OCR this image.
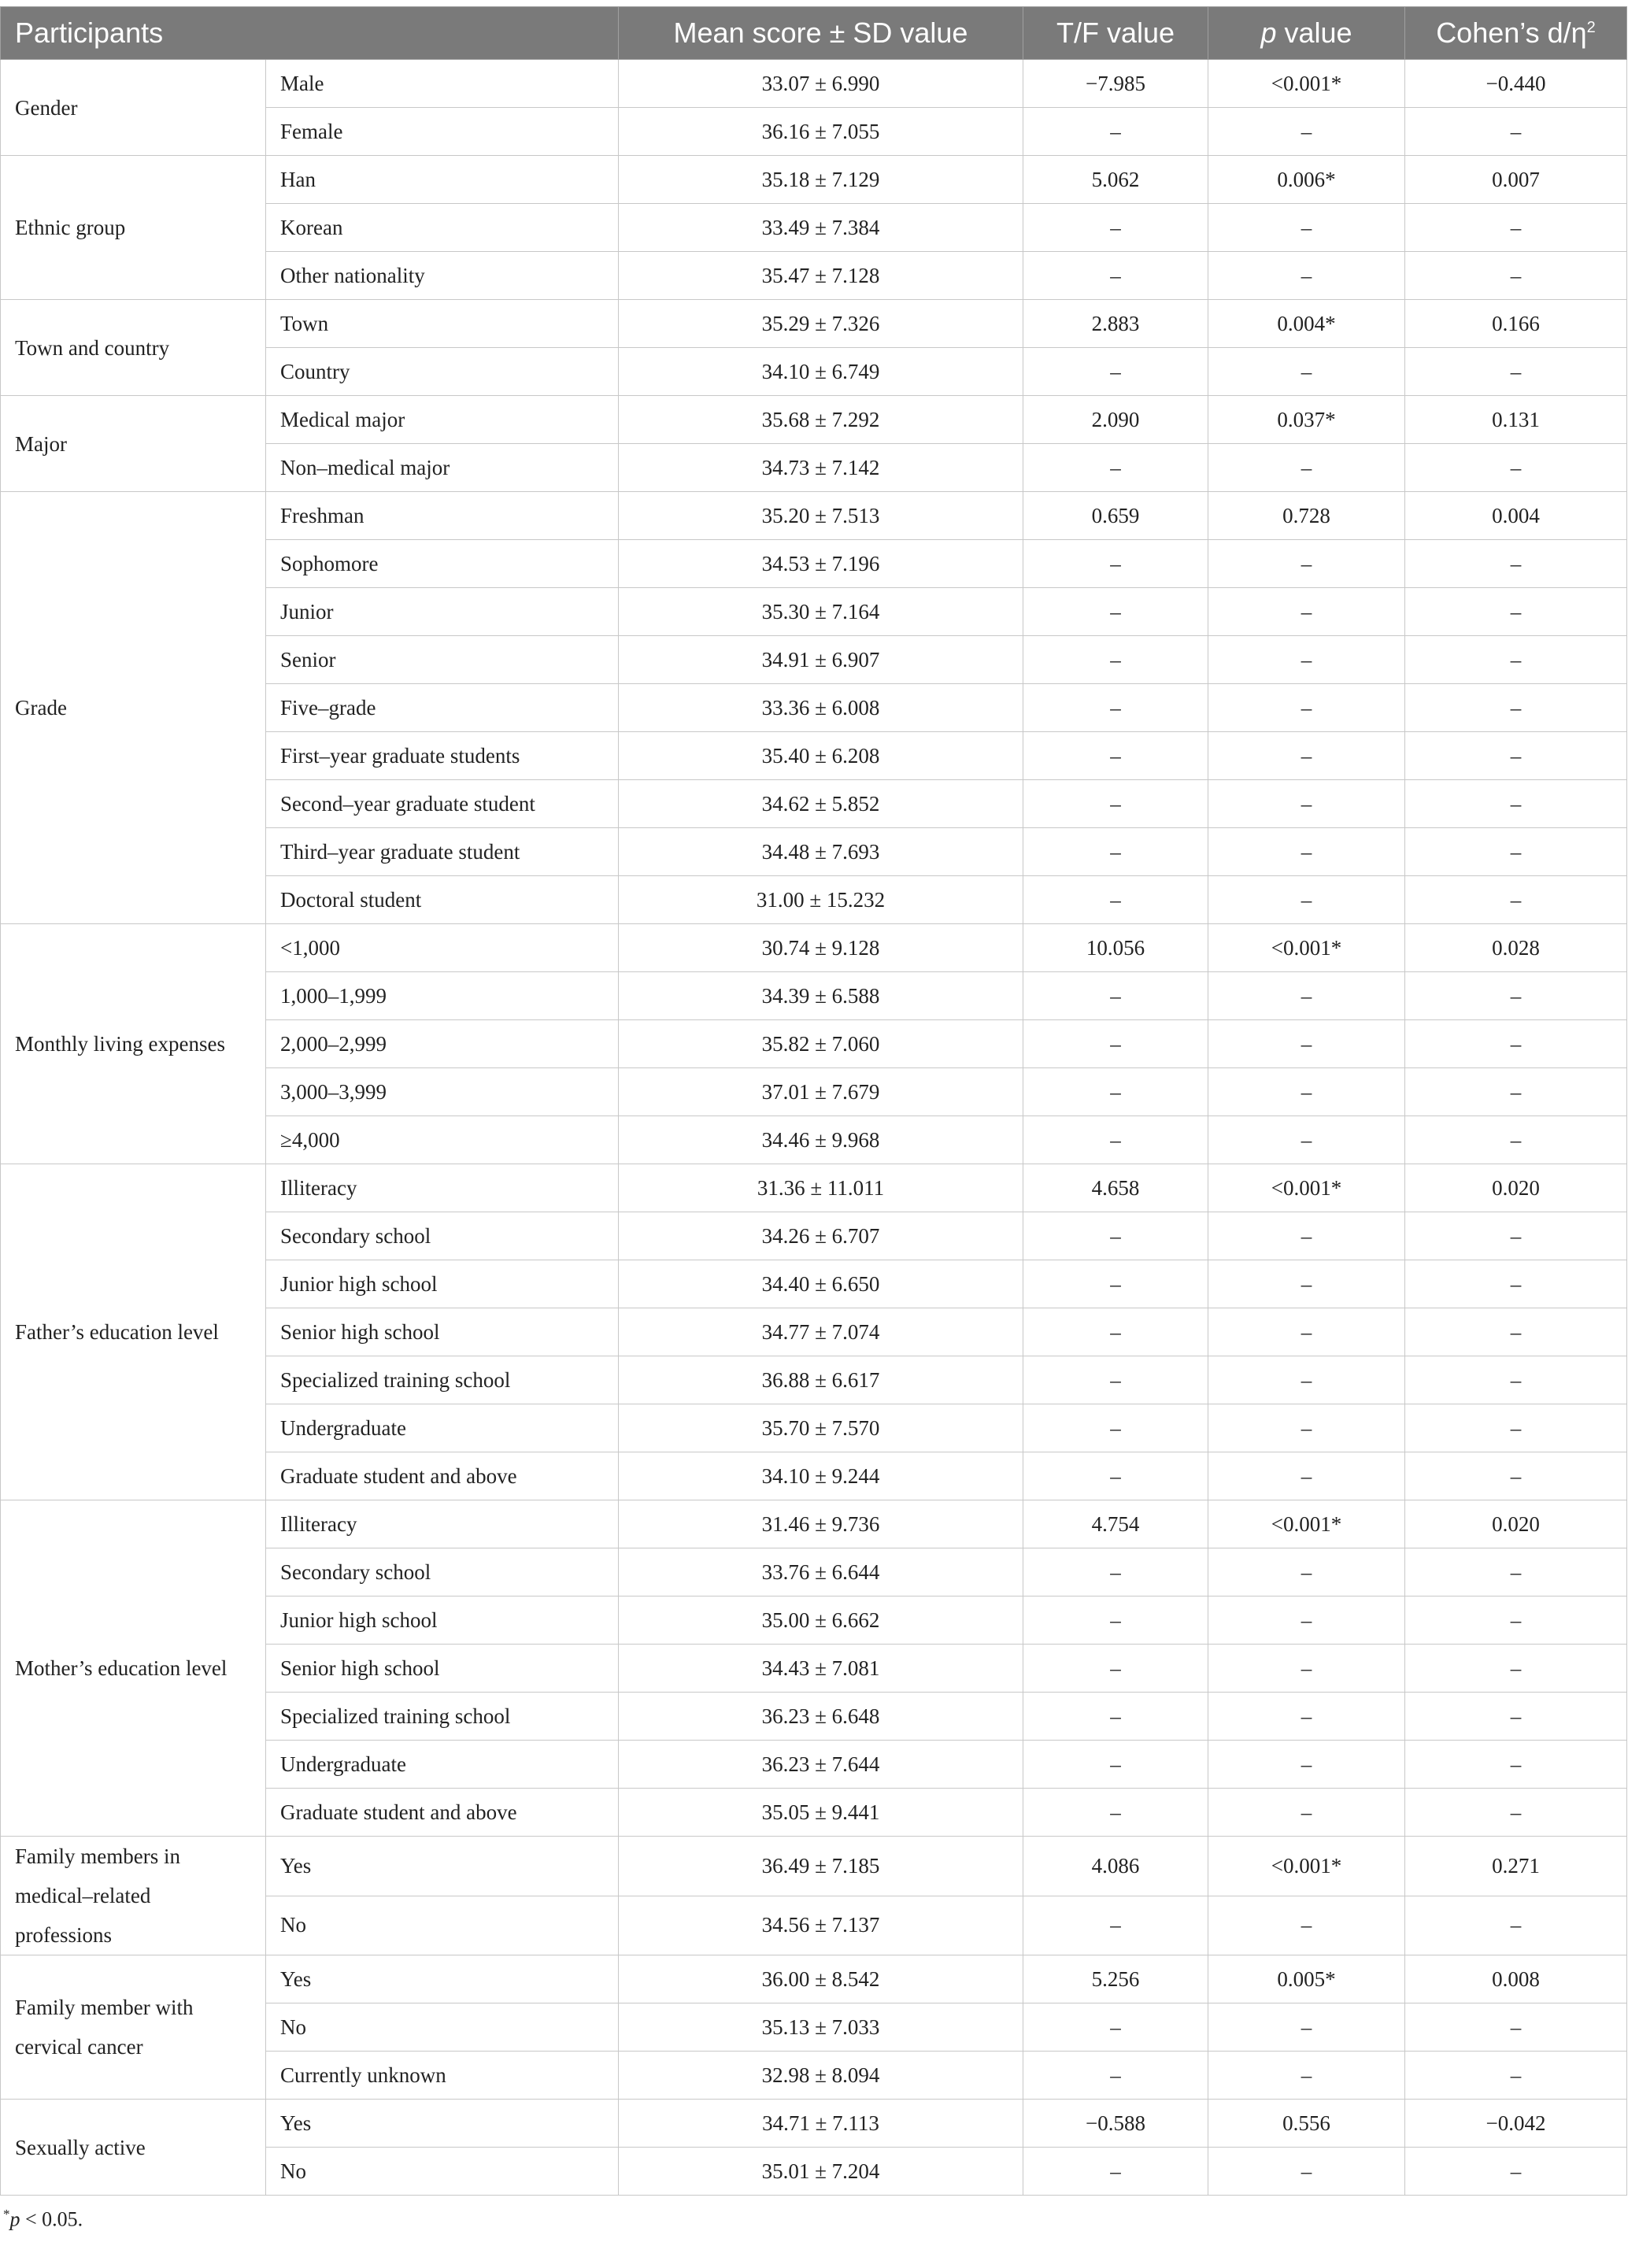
Participants		Mean score ± SD value	T/F value	p value	Cohen’s $d/\eta^2$
Gender	Male	33.07 ± 6.990	−7.985	<0.001*	−0.440
	Female	36.16 ± 7.055	–	–	–
Ethnic group	Han	35.18 ± 7.129	5.062	0.006*	0.007
	Korean	33.49 ± 7.384	–	–	–
	Other nationality	35.47 ± 7.128	–	–	–
Town and country	Town	35.29 ± 7.326	2.883	0.004*	0.166
	Country	34.10 ± 6.749	–	–	–
Major	Medical major	35.68 ± 7.292	2.090	0.037*	0.131
	Non–medical major	34.73 ± 7.142	–	–	–
Grade	Freshman	35.20 ± 7.513	0.659	0.728	0.004
	Sophomore	34.53 ± 7.196	–	–	–
	Junior	35.30 ± 7.164	–	–	–
	Senior	34.91 ± 6.907	–	–	–
	Five–grade	33.36 ± 6.008	–	–	–
	First–year graduate students	35.40 ± 6.208	–	–	–
	Second–year graduate student	34.62 ± 5.852	–	–	–
	Third–year graduate student	34.48 ± 7.693	–	–	–
	Doctoral student	31.00 ± 15.232	–	–	–
Monthly living expenses	<1,000	30.74 ± 9.128	10.056	<0.001*	0.028
	1,000–1,999	34.39 ± 6.588	–	–	–
	2,000–2,999	35.82 ± 7.060	–	–	–
	3,000–3,999	37.01 ± 7.679	–	–	–
	≥4,000	34.46 ± 9.968	–	–	–
Father’s education level	Illiteracy	31.36 ± 11.011	4.658	<0.001*	0.020
	Secondary school	34.26 ± 6.707	–	–	–
	Junior high school	34.40 ± 6.650	–	–	–
	Senior high school	34.77 ± 7.074	–	–	–
	Specialized training school	36.88 ± 6.617	–	–	–
	Undergraduate	35.70 ± 7.570	–	–	–
	Graduate student and above	34.10 ± 9.244	–	–	–
Mother’s education level	Illiteracy	31.46 ± 9.736	4.754	<0.001*	0.020
	Secondary school	33.76 ± 6.644	–	–	–
	Junior high school	35.00 ± 6.662	–	–	–
	Senior high school	34.43 ± 7.081	–	–	–
	Specialized training school	36.23 ± 6.648	–	–	–
	Undergraduate	36.23 ± 7.644	–	–	–
	Graduate student and above	35.05 ± 9.441	–	–	–
Family members in medical–related professions	Yes	36.49 ± 7.185	4.086	<0.001*	0.271
	No	34.56 ± 7.137	–	–	–
Family member with cervical cancer	Yes	36.00 ± 8.542	5.256	0.005*	0.008
	No	35.13 ± 7.033	–	–	–
	Currently unknown	32.98 ± 8.094	–	–	–
Sexually active	Yes	34.71 ± 7.113	−0.588	0.556	−0.042
	No	35.01 ± 7.204	–	–	–
*p < 0.05.
